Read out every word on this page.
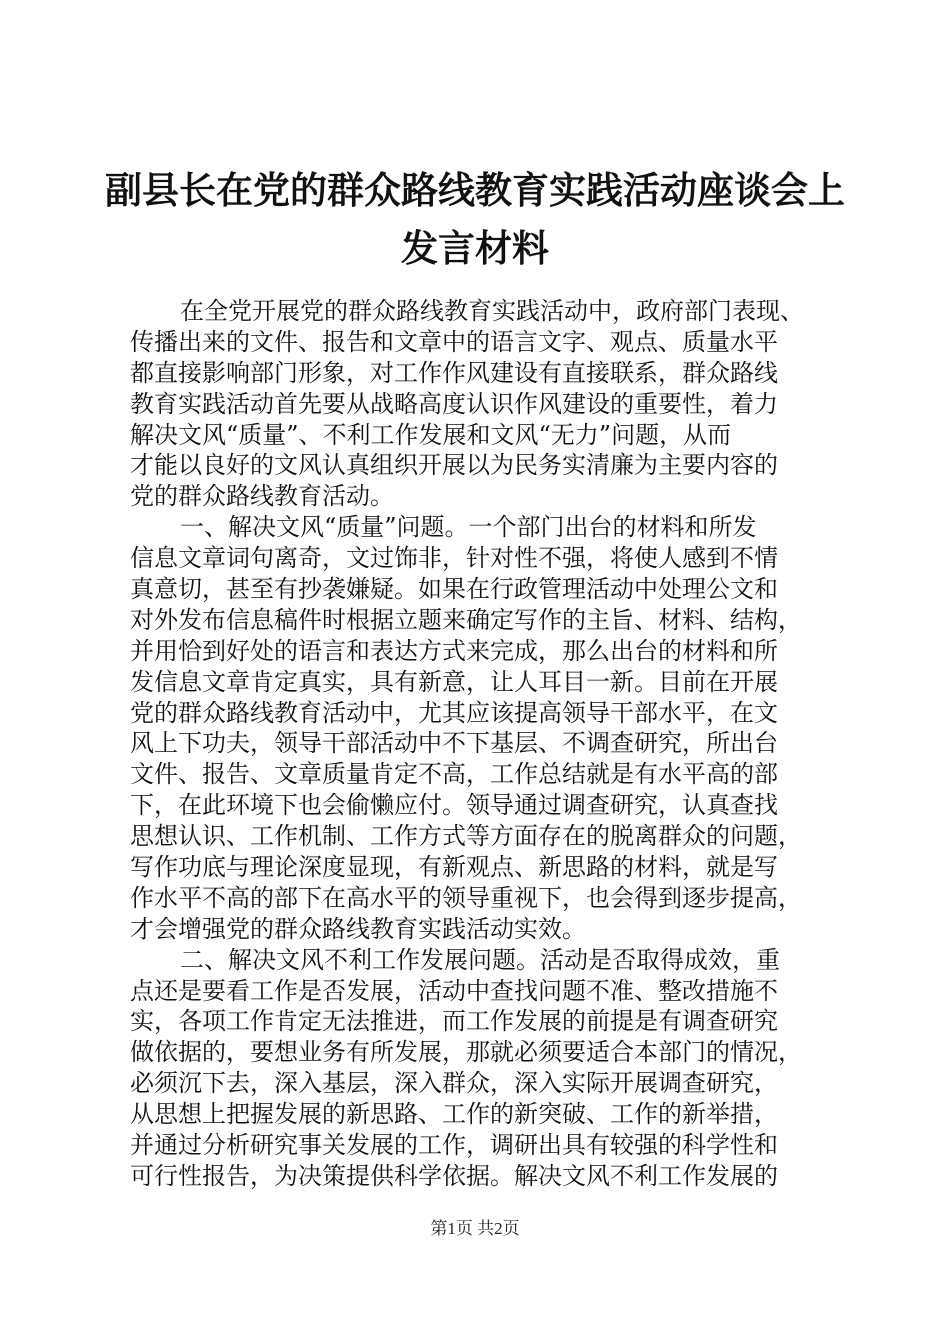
副县长在党的群众路线教育实践活动座谈会上
发言材料
在全党开展党的群众路线教育实践活动中，政府部门表现、
传播出来的文件、报告和文章中的语言文字、观点、质量水平
都直接影响部门形象，对工作作风建设有直接联系，群众路线
教育实践活动首先要从战略高度认识作风建设的重要性，着力
解决文风“质量”、不利工作发展和文风“无力”问题，从而
才能以良好的文风认真组织开展以为民务实清廉为主要内容的
党的群众路线教育活动。
一、解决文风“质量”问题。一个部门出台的材料和所发
信息文章词句离奇，文过饰非，针对性不强，将使人感到不情
真意切，甚至有抄袭嫌疑。如果在行政管理活动中处理公文和
对外发布信息稿件时根据立题来确定写作的主旨、材料、结构，
并用恰到好处的语言和表达方式来完成，那么出台的材料和所
发信息文章肯定真实，具有新意，让人耳目一新。目前在开展
党的群众路线教育活动中，尤其应该提高领导干部水平，在文
风上下功夫，领导干部活动中不下基层、不调查研究，所出台
文件、报告、文章质量肯定不高，工作总结就是有水平高的部
下，在此环境下也会偷懒应付。领导通过调查研究，认真查找
思想认识、工作机制、工作方式等方面存在的脱离群众的问题，
写作功底与理论深度显现，有新观点、新思路的材料，就是写
作水平不高的部下在高水平的领导重视下，也会得到逐步提高，
才会增强党的群众路线教育实践活动实效。
二、解决文风不利工作发展问题。活动是否取得成效，重
点还是要看工作是否发展，活动中查找问题不准、整改措施不
实，各项工作肯定无法推进，而工作发展的前提是有调查研究
做依据的，要想业务有所发展，那就必须要适合本部门的情况，
必须沉下去，深入基层，深入群众，深入实际开展调查研究，
从思想上把握发展的新思路、工作的新突破、工作的新举措，
并通过分析研究事关发展的工作，调研出具有较强的科学性和
可行性报告，为决策提供科学依据。解决文风不利工作发展的
第1页 共2页
